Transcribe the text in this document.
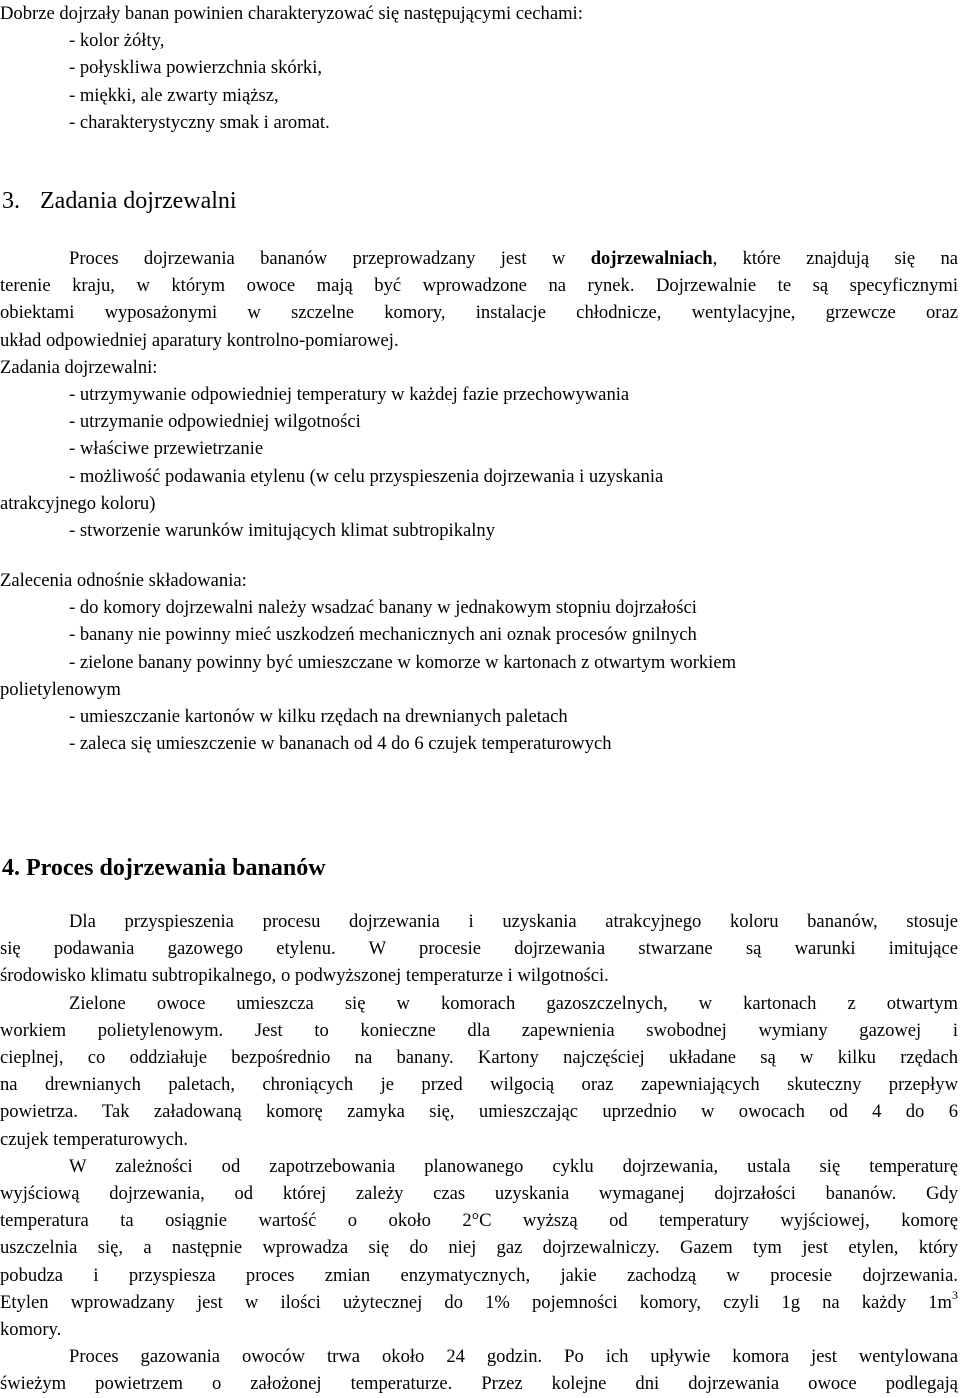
Dobrze dojrzały banan powinien charakteryzować się następującymi cechami:
- kolor żółty,
- połyskliwa powierzchnia skórki,
- miękki, ale zwarty miąższ,
- charakterystyczny smak i aromat.
3. Zadania dojrzewalni
Proces dojrzewania bananów przeprowadzany jest w dojrzewalniach, które znajdują się na
terenie kraju, w którym owoce mają być wprowadzone na rynek. Dojrzewalnie te są specyficznymi
obiektami wyposażonymi w szczelne komory, instalacje chłodnicze, wentylacyjne, grzewcze oraz
układ odpowiedniej aparatury kontrolno-pomiarowej.
Zadania dojrzewalni:
- utrzymywanie odpowiedniej temperatury w każdej fazie przechowywania
- utrzymanie odpowiedniej wilgotności
- właściwe przewietrzanie
- możliwość podawania etylenu (w celu przyspieszenia dojrzewania i uzyskania
atrakcyjnego koloru)
- stworzenie warunków imitujących klimat subtropikalny
Zalecenia odnośnie składowania:
- do komory dojrzewalni należy wsadzać banany w jednakowym stopniu dojrzałości
- banany nie powinny mieć uszkodzeń mechanicznych ani oznak procesów gnilnych
- zielone banany powinny być umieszczane w komorze w kartonach z otwartym workiem
polietylenowym
- umieszczanie kartonów w kilku rzędach na drewnianych paletach
- zaleca się umieszczenie w bananach od 4 do 6 czujek temperaturowych
4. Proces dojrzewania bananów
Dla przyspieszenia procesu dojrzewania i uzyskania atrakcyjnego koloru bananów, stosuje
się podawania gazowego etylenu. W procesie dojrzewania stwarzane są warunki imitujące
środowisko klimatu subtropikalnego, o podwyższonej temperaturze i wilgotności.
Zielone owoce umieszcza się w komorach gazoszczelnych, w kartonach z otwartym
workiem polietylenowym. Jest to konieczne dla zapewnienia swobodnej wymiany gazowej i
cieplnej, co oddziałuje bezpośrednio na banany. Kartony najczęściej układane są w kilku rzędach
na drewnianych paletach, chroniących je przed wilgocią oraz zapewniających skuteczny przepływ
powietrza. Tak załadowaną komorę zamyka się, umieszczając uprzednio w owocach od 4 do 6
czujek temperaturowych.
W zależności od zapotrzebowania planowanego cyklu dojrzewania, ustala się temperaturę
wyjściową dojrzewania, od której zależy czas uzyskania wymaganej dojrzałości bananów. Gdy
temperatura ta osiągnie wartość o około 2°C wyższą od temperatury wyjściowej, komorę
uszczelnia się, a następnie wprowadza się do niej gaz dojrzewalniczy. Gazem tym jest etylen, który
pobudza i przyspiesza proces zmian enzymatycznych, jakie zachodzą w procesie dojrzewania.
Etylen wprowadzany jest w ilości użytecznej do 1% pojemności komory, czyli 1g na każdy $1m^3$
komory.
Proces gazowania owoców trwa około 24 godzin. Po ich upływie komora jest wentylowana
świeżym powietrzem o założonej temperaturze. Przez kolejne dni dojrzewania owoce podlegają
